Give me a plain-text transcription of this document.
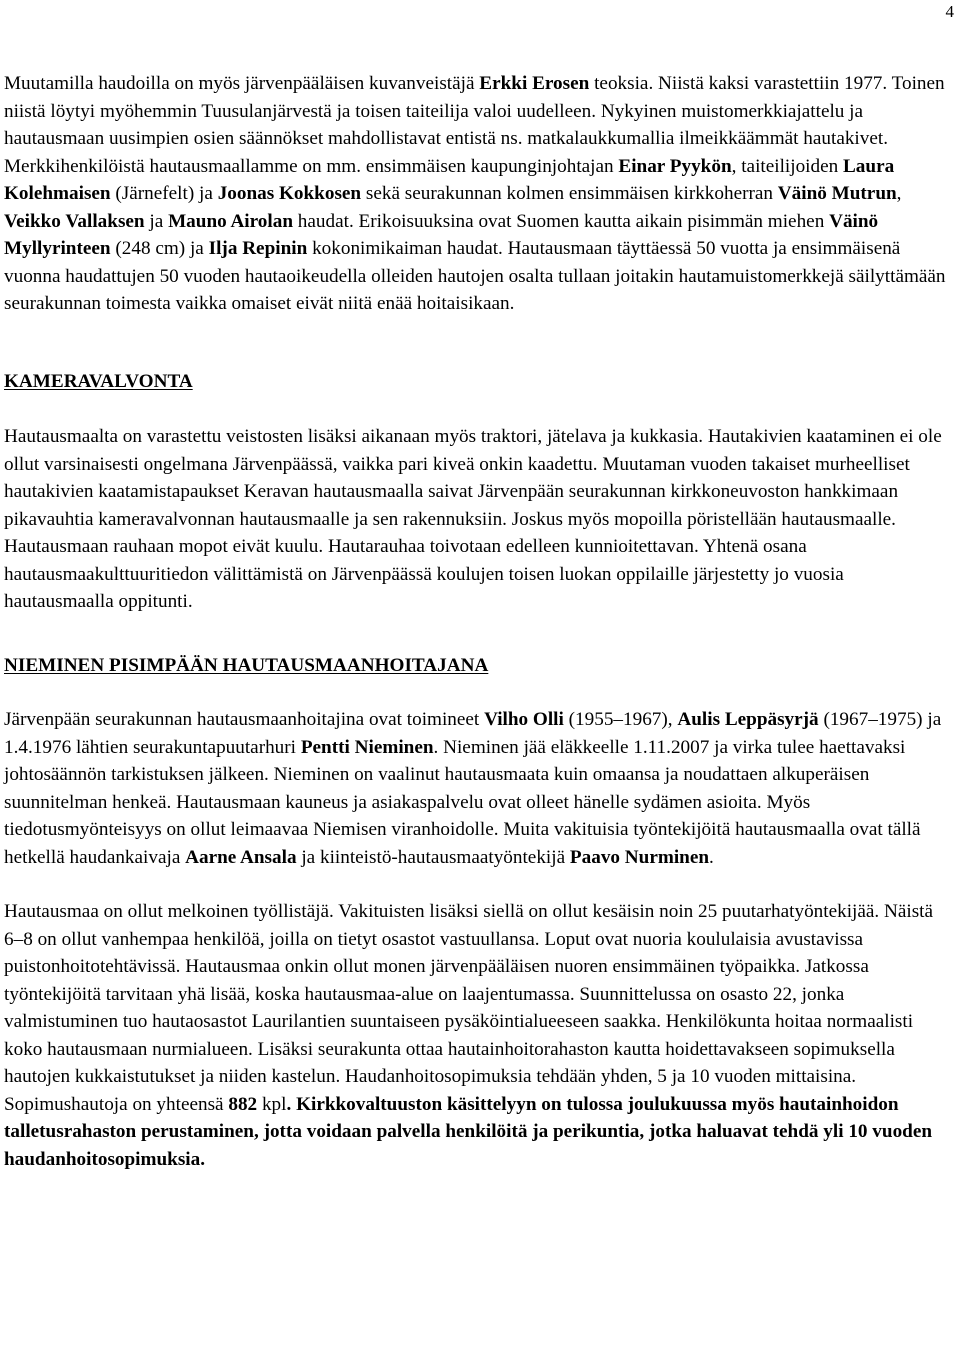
4

Muutamilla haudoilla on myös järvenpääläisen kuvanveistäjä Erkki Erosen teoksia. Niistä kaksi varastettiin 1977. Toinen niistä löytyi myöhemmin Tuusulanjärvestä ja toisen taiteilija valoi uudelleen. Nykyinen muistomerkkiajattelu ja hautausmaan uusimpien osien säännökset mahdollistavat entistä ns. matkalaukkumallia ilmeikkäämmät hautakivet. Merkkihenkilöistä hautausmaallamme on mm. ensimmäisen kaupunginjohtajan Einar Pyykön, taiteilijoiden Laura Kolehmaisen (Järnefelt) ja Joonas Kokkosen sekä seurakunnan kolmen ensimmäisen kirkkoherran Väinö Mutrun, Veikko Vallaksen ja Mauno Airolan haudat. Erikoisuuksina ovat Suomen kautta aikain pisimmän miehen Väinö Myllyrinteen (248 cm) ja Ilja Repinin kokonimikaiman haudat. Hautausmaan täyttäessä 50 vuotta ja ensimmäisenä vuonna haudattujen 50 vuoden hautaoikeudella olleiden hautojen osalta tullaan joitakin hautamuistomerkkejä säilyttämään seurakunnan toimesta vaikka omaiset eivät niitä enää hoitaisikaan.

KAMERAVALVONTA

Hautausmaalta on varastettu veistosten lisäksi aikanaan myös traktori, jätelava ja kukkasia. Hautakivien kaataminen ei ole ollut varsinaisesti ongelmana Järvenpäässä, vaikka pari kiveä onkin kaadettu. Muutaman vuoden takaiset murheelliset hautakivien kaatamistapaukset Keravan hautausmaalla saivat Järvenpään seurakunnan kirkkoneuvoston hankkimaan pikavauhtia kameravalvonnan hautausmaalle ja sen rakennuksiin. Joskus myös mopoilla pöristellään hautausmaalle. Hautausmaan rauhaan mopot eivät kuulu. Hautarauhaa toivotaan edelleen kunnioitettavan. Yhtenä osana hautausmaakulttuuritiedon välittämistä on Järvenpäässä koulujen toisen luokan oppilaille järjestetty jo vuosia hautausmaalla oppitunti.

NIEMINEN PISIMPÄÄN HAUTAUSMAANHOITAJANA

Järvenpään seurakunnan hautausmaanhoitajina ovat toimineet Vilho Olli (1955–1967), Aulis Leppäsyrjä (1967–1975) ja 1.4.1976 lähtien seurakuntapuutarhuri Pentti Nieminen. Nieminen jää eläkkeelle 1.11.2007 ja virka tulee haettavaksi johtosäännön tarkistuksen jälkeen. Nieminen on vaalinut hautausmaata kuin omaansa ja noudattaen alkuperäisen suunnitelman henkeä. Hautausmaan kauneus ja asiakaspalvelu ovat olleet hänelle sydämen asioita. Myös tiedotusmyönteisyys on ollut leimaavaa Niemisen viranhoidolle. Muita vakituisia työntekijöitä hautausmaalla ovat tällä hetkellä haudankaivaja Aarne Ansala ja kiinteistö-hautausmaatyöntekijä Paavo Nurminen.

Hautausmaa on ollut melkoinen työllistäjä. Vakituisten lisäksi siellä on ollut kesäisin noin 25 puutarhatyöntekijää. Näistä 6–8 on ollut vanhempaa henkilöä, joilla on tietyt osastot vastuullansa. Loput ovat nuoria koululaisia avustavissa puistonhoitotehtävissä. Hautausmaa onkin ollut monen järvenpääläisen nuoren ensimmäinen työpaikka. Jatkossa työntekijöitä tarvitaan yhä lisää, koska hautausmaa-alue on laajentumassa. Suunnittelussa on osasto 22, jonka valmistuminen tuo hautaosastot Laurilantien suuntaiseen pysäköintialueeseen saakka. Henkilökunta hoitaa normaalisti koko hautausmaan nurmialueen. Lisäksi seurakunta ottaa hautainhoitorahaston kautta hoidettavakseen sopimuksella hautojen kukkaistutukset ja niiden kastelun. Haudanhoitosopimuksia tehdään yhden, 5 ja 10 vuoden mittaisina. Sopimushautoja on yhteensä 882 kpl. Kirkkovaltuuston käsittelyyn on tulossa joulukuussa myös hautainhoidon talletusrahaston perustaminen, jotta voidaan palvella henkilöitä ja perikuntia, jotka haluavat tehdä yli 10 vuoden haudanhoitosopimuksia.
